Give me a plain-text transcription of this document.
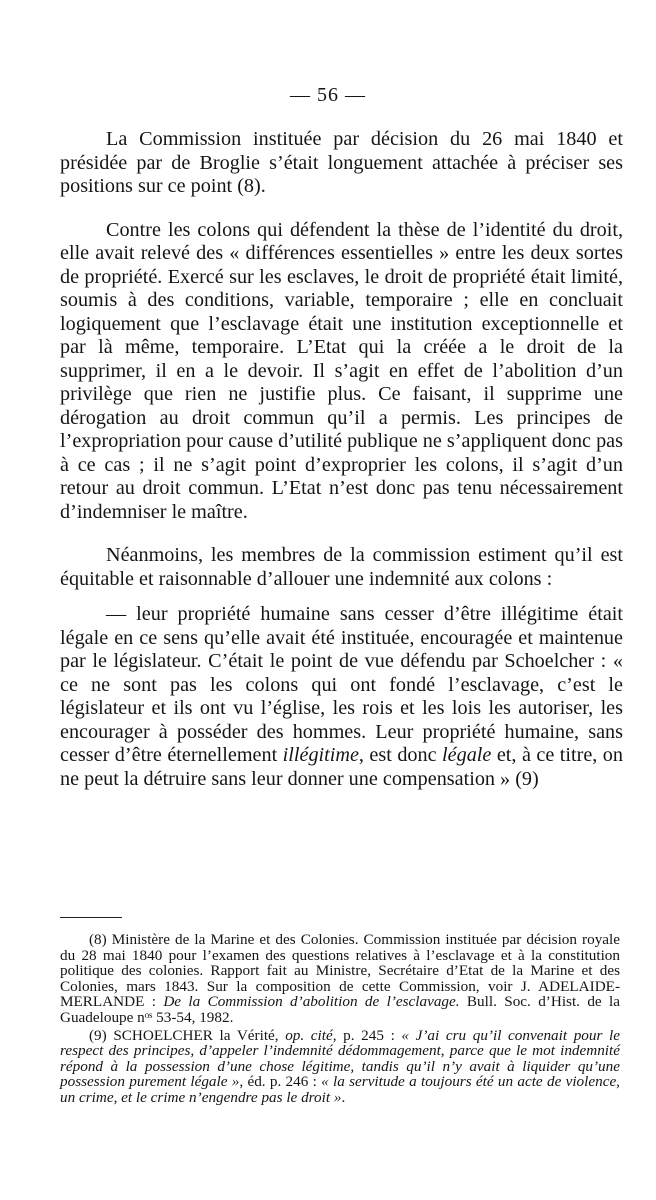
— 56 —

La Commission instituée par décision du 26 mai 1840 et présidée par de Broglie s’était longuement attachée à préciser ses positions sur ce point (8).

Contre les colons qui défendent la thèse de l’identité du droit, elle avait relevé des « différences essentielles » entre les deux sortes de propriété. Exercé sur les esclaves, le droit de propriété était limité, soumis à des conditions, variable, temporaire ; elle en concluait logiquement que l’esclavage était une institution exceptionnelle et par là même, temporaire. L’Etat qui la créée a le droit de la supprimer, il en a le devoir. Il s’agit en effet de l’abolition d’un privilège que rien ne justifie plus. Ce faisant, il supprime une dérogation au droit commun qu’il a permis. Les principes de l’expropriation pour cause d’utilité publique ne s’appliquent donc pas à ce cas ; il ne s’agit point d’exproprier les colons, il s’agit d’un retour au droit commun. L’Etat n’est donc pas tenu nécessairement d’indemniser le maître.

Néanmoins, les membres de la commission estiment qu’il est équitable et raisonnable d’allouer une indemnité aux colons :

— leur propriété humaine sans cesser d’être illégitime était légale en ce sens qu’elle avait été instituée, encouragée et maintenue par le législateur. C’était le point de vue défendu par Schoelcher : « ce ne sont pas les colons qui ont fondé l’esclavage, c’est le législateur et ils ont vu l’église, les rois et les lois les autoriser, les encourager à posséder des hommes. Leur propriété humaine, sans cesser d’être éternellement illégitime, est donc légale et, à ce titre, on ne peut la détruire sans leur donner une compensation » (9)

(8) Ministère de la Marine et des Colonies. Commission instituée par décision royale du 28 mai 1840 pour l’examen des questions relatives à l’esclavage et à la constitution politique des colonies. Rapport fait au Ministre, Secrétaire d’Etat de la Marine et des Colonies, mars 1843. Sur la composition de cette Commission, voir J. ADELAIDE-MERLANDE : De la Commission d’abolition de l’esclavage. Bull. Soc. d’Hist. de la Guadeloupe nᵒˢ 53-54, 1982.

(9) SCHOELCHER la Vérité, op. cité, p. 245 : « J’ai cru qu’il convenait pour le respect des principes, d’appeler l’indemnité dédommagement, parce que le mot indemnité répond à la possession d’une chose légitime, tandis qu’il n’y avait à liquider qu’une possession purement légale », éd. p. 246 : « la servitude a toujours été un acte de violence, un crime, et le crime n’engendre pas le droit ».
